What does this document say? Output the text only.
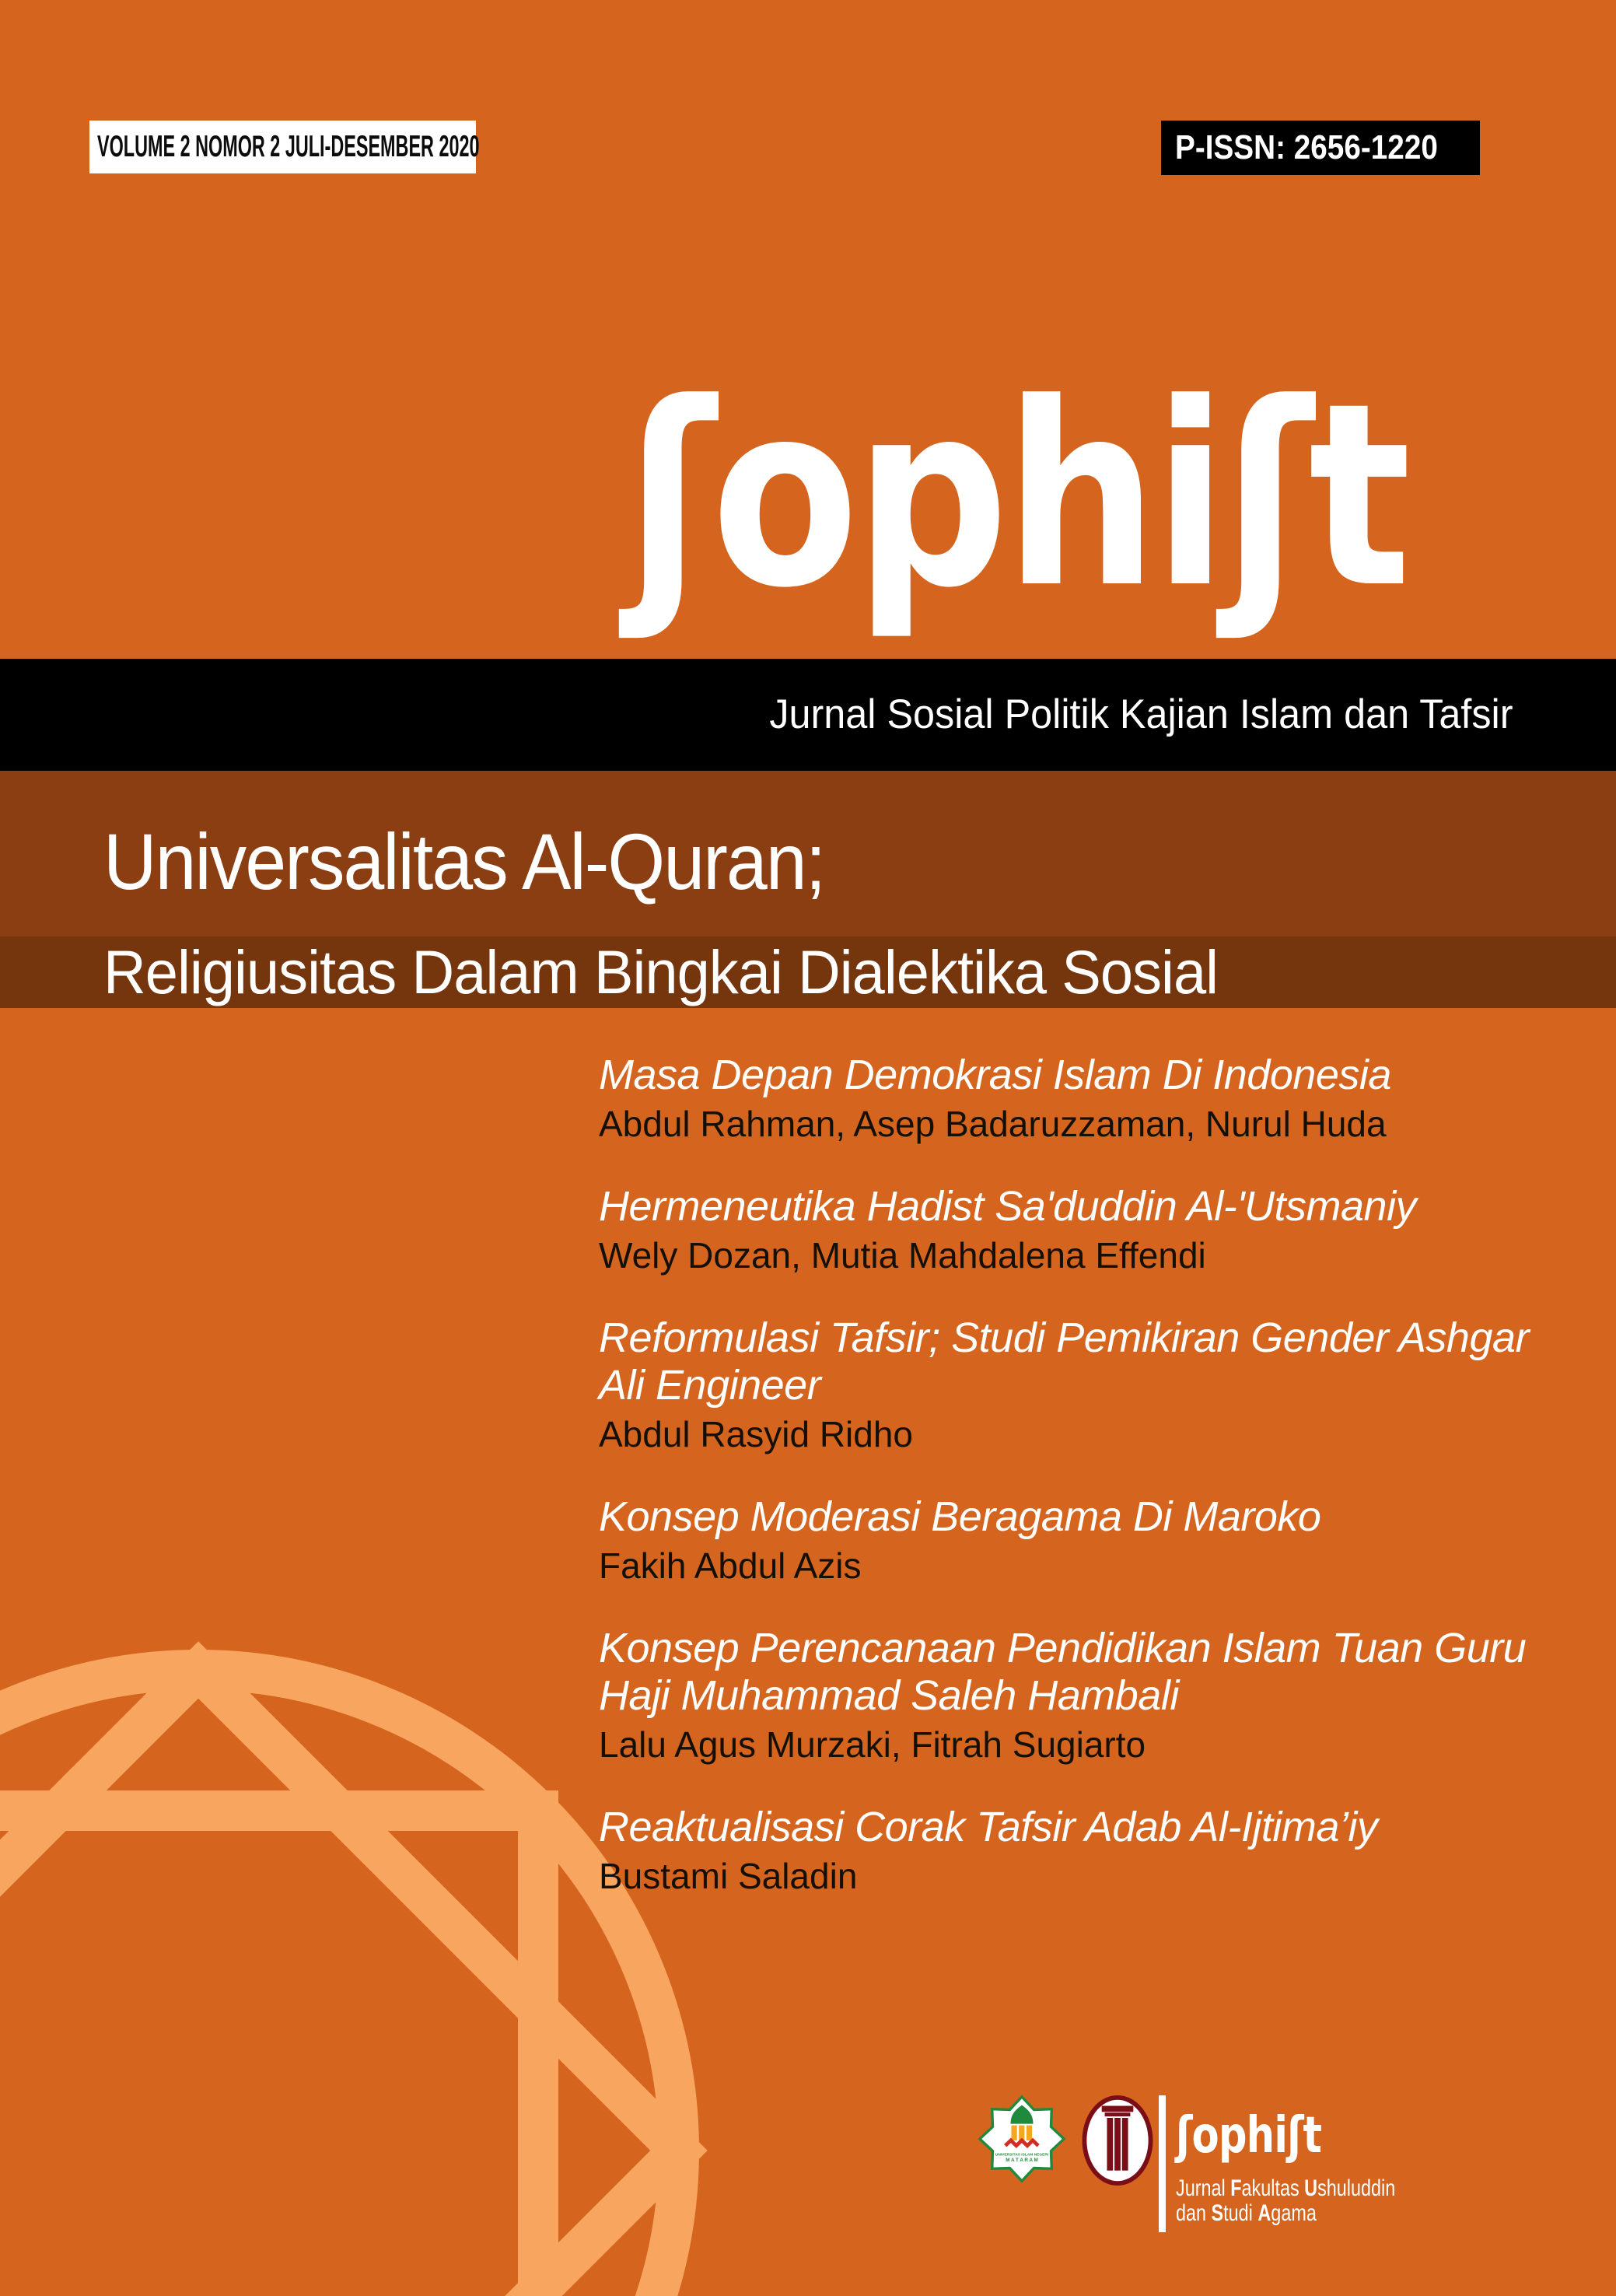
VOLUME 2 NOMOR 2 JULI-DESEMBER 2020	P-ISSN: 2656-1220
ʃophiʃt
Jurnal Sosial Politik Kajian Islam dan Tafsir
Universalitas Al-Quran;
Religiusitas Dalam Bingkai Dialektika Sosial
Masa Depan Demokrasi Islam Di Indonesia
Abdul Rahman, Asep Badaruzzaman, Nurul Huda
Hermeneutika Hadist Sa'duddin Al-'Utsmaniy
Wely Dozan, Mutia Mahdalena Effendi
Reformulasi Tafsir; Studi Pemikiran Gender Ashgar Ali Engineer
Abdul Rasyid Ridho
Konsep Moderasi Beragama Di Maroko
Fakih Abdul Azis
Konsep Perencanaan Pendidikan Islam Tuan Guru Haji Muhammad Saleh Hambali
Lalu Agus Murzaki, Fitrah Sugiarto
Reaktualisasi Corak Tafsir Adab Al-Ijtima’iy
Bustami Saladin
UNIVERSITAS ISLAM NEGERI
M A T A R A M	ʃophiʃt
Jurnal Fakultas Ushuluddin
dan Studi Agama
